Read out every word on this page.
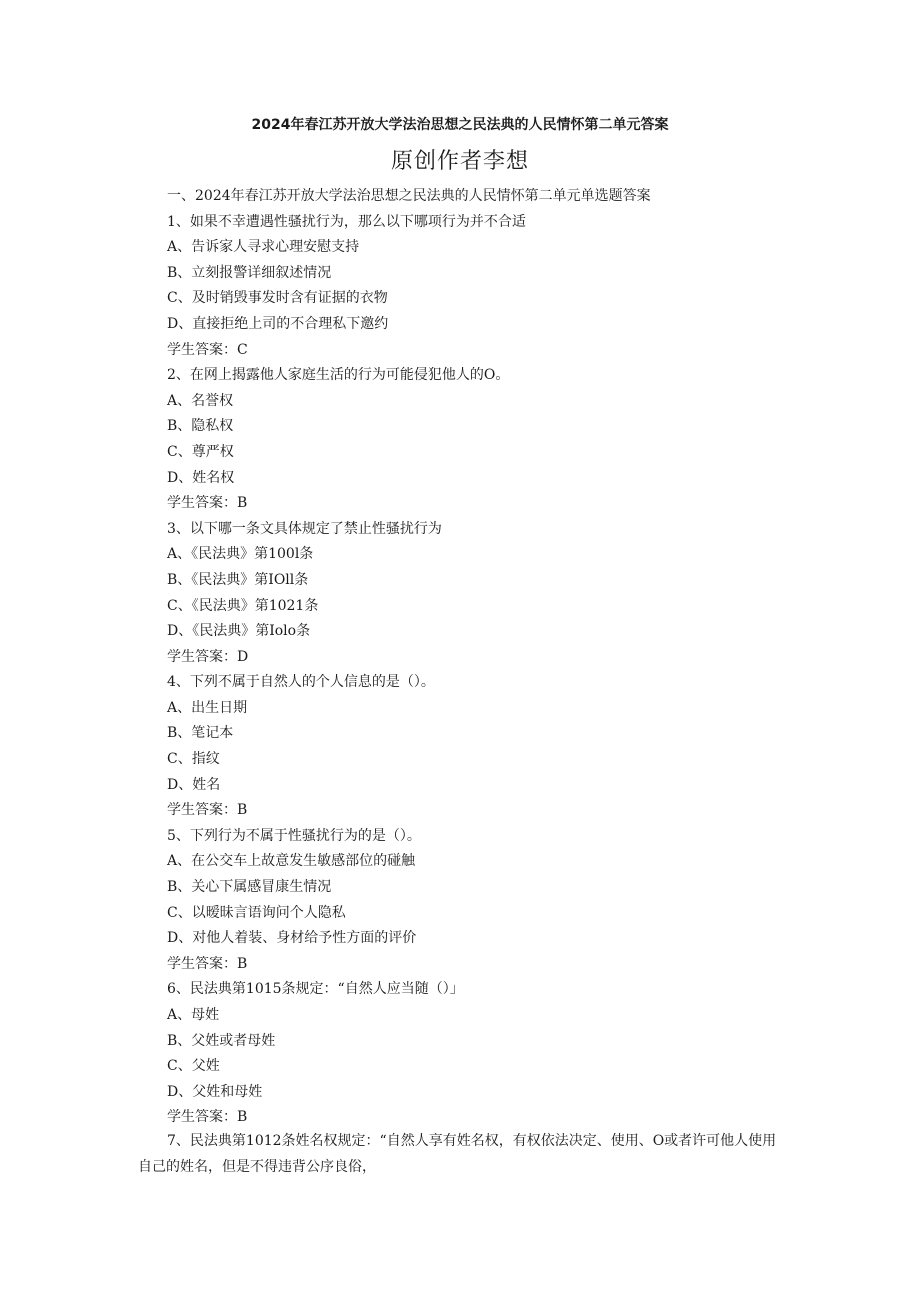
2024年春江苏开放大学法治思想之民法典的人民情怀第二单元答案
原创作者李想
一、2024年春江苏开放大学法治思想之民法典的人民情怀第二单元单选题答案
1、如果不幸遭遇性骚扰行为，那么以下哪项行为并不合适
A、告诉家人寻求心理安慰支持
B、立刻报警详细叙述情况
C、及时销毁事发时含有证据的衣物
D、直接拒绝上司的不合理私下邀约
学生答案：C
2、在网上揭露他人家庭生活的行为可能侵犯他人的O。
A、名誉权
B、隐私权
C、尊严权
D、姓名权
学生答案：B
3、以下哪一条文具体规定了禁止性骚扰行为
A、《民法典》第100l条
B、《民法典》第IOll条
C、《民法典》第1021条
D、《民法典》第Iolo条
学生答案：D
4、下列不属于自然人的个人信息的是（）。
A、出生日期
B、笔记本
C、指纹
D、姓名
学生答案：B
5、下列行为不属于性骚扰行为的是（）。
A、在公交车上故意发生敏感部位的碰触
B、关心下属感冒康生情况
C、以暧昧言语询问个人隐私
D、对他人着装、身材给予性方面的评价
学生答案：B
6、民法典第1015条规定：“自然人应当随（）」
A、母姓
B、父姓或者母姓
C、父姓
D、父姓和母姓
学生答案：B
7、民法典第1012条姓名权规定：“自然人享有姓名权，有权依法决定、使用、O或者许可他人使用自己的姓名，但是不得违背公序良俗，
